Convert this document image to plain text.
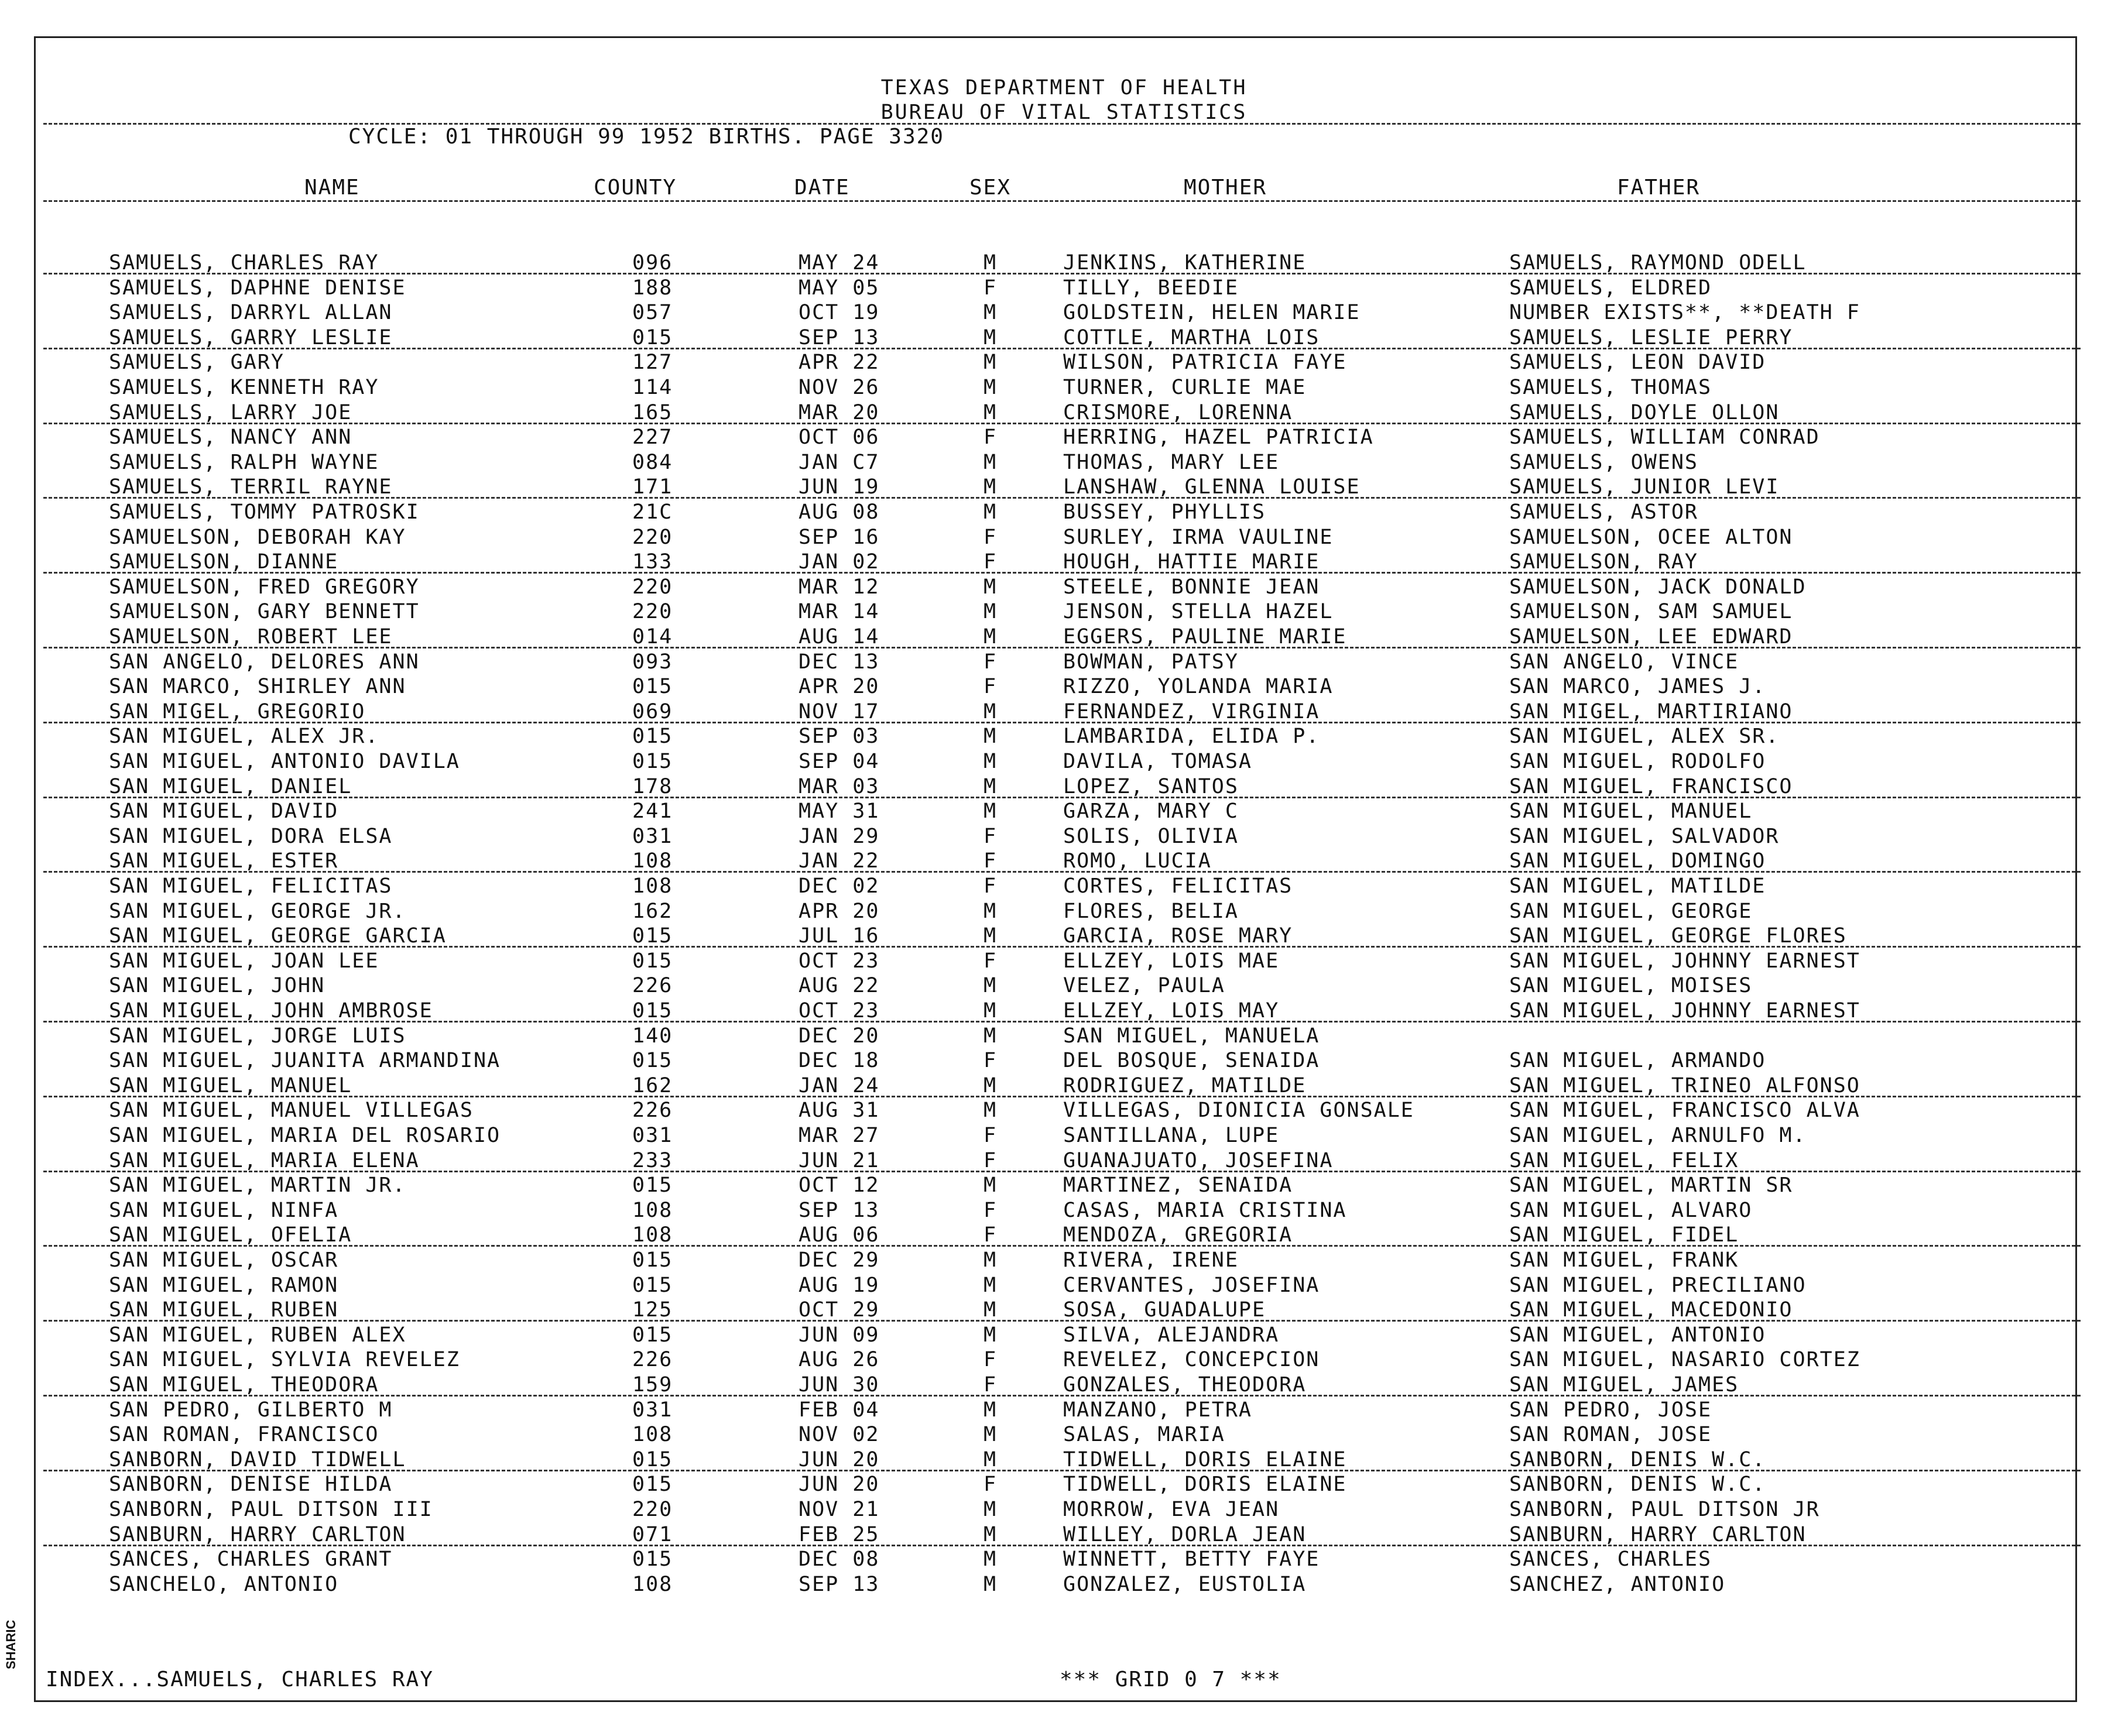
TEXAS DEPARTMENT OF HEALTH
BUREAU OF VITAL STATISTICS
CYCLE: 01 THROUGH 99 1952 BIRTHS. PAGE 3320
NAME	COUNTY	DATE	SEX	MOTHER	FATHER
SAMUELS, CHARLES RAY	096	MAY 24	M	JENKINS, KATHERINE	SAMUELS, RAYMOND ODELL
SAMUELS, DAPHNE DENISE	188	MAY 05	F	TILLY, BEEDIE	SAMUELS, ELDRED
SAMUELS, DARRYL ALLAN	057	OCT 19	M	GOLDSTEIN, HELEN MARIE	NUMBER EXISTS**, **DEATH F
SAMUELS, GARRY LESLIE	015	SEP 13	M	COTTLE, MARTHA LOIS	SAMUELS, LESLIE PERRY
SAMUELS, GARY	127	APR 22	M	WILSON, PATRICIA FAYE	SAMUELS, LEON DAVID
SAMUELS, KENNETH RAY	114	NOV 26	M	TURNER, CURLIE MAE	SAMUELS, THOMAS
SAMUELS, LARRY JOE	165	MAR 20	M	CRISMORE, LORENNA	SAMUELS, DOYLE OLLON
SAMUELS, NANCY ANN	227	OCT 06	F	HERRING, HAZEL PATRICIA	SAMUELS, WILLIAM CONRAD
SAMUELS, RALPH WAYNE	084	JAN C7	M	THOMAS, MARY LEE	SAMUELS, OWENS
SAMUELS, TERRIL RAYNE	171	JUN 19	M	LANSHAW, GLENNA LOUISE	SAMUELS, JUNIOR LEVI
SAMUELS, TOMMY PATROSKI	21C	AUG 08	M	BUSSEY, PHYLLIS	SAMUELS, ASTOR
SAMUELSON, DEBORAH KAY	220	SEP 16	F	SURLEY, IRMA VAULINE	SAMUELSON, OCEE ALTON
SAMUELSON, DIANNE	133	JAN 02	F	HOUGH, HATTIE MARIE	SAMUELSON, RAY
SAMUELSON, FRED GREGORY	220	MAR 12	M	STEELE, BONNIE JEAN	SAMUELSON, JACK DONALD
SAMUELSON, GARY BENNETT	220	MAR 14	M	JENSON, STELLA HAZEL	SAMUELSON, SAM SAMUEL
SAMUELSON, ROBERT LEE	014	AUG 14	M	EGGERS, PAULINE MARIE	SAMUELSON, LEE EDWARD
SAN ANGELO, DELORES ANN	093	DEC 13	F	BOWMAN, PATSY	SAN ANGELO, VINCE
SAN MARCO, SHIRLEY ANN	015	APR 20	F	RIZZO, YOLANDA MARIA	SAN MARCO, JAMES J.
SAN MIGEL, GREGORIO	069	NOV 17	M	FERNANDEZ, VIRGINIA	SAN MIGEL, MARTIRIANO
SAN MIGUEL, ALEX JR.	015	SEP 03	M	LAMBARIDA, ELIDA P.	SAN MIGUEL, ALEX SR.
SAN MIGUEL, ANTONIO DAVILA	015	SEP 04	M	DAVILA, TOMASA	SAN MIGUEL, RODOLFO
SAN MIGUEL, DANIEL	178	MAR 03	M	LOPEZ, SANTOS	SAN MIGUEL, FRANCISCO
SAN MIGUEL, DAVID	241	MAY 31	M	GARZA, MARY C	SAN MIGUEL, MANUEL
SAN MIGUEL, DORA ELSA	031	JAN 29	F	SOLIS, OLIVIA	SAN MIGUEL, SALVADOR
SAN MIGUEL, ESTER	108	JAN 22	F	ROMO, LUCIA	SAN MIGUEL, DOMINGO
SAN MIGUEL, FELICITAS	108	DEC 02	F	CORTES, FELICITAS	SAN MIGUEL, MATILDE
SAN MIGUEL, GEORGE JR.	162	APR 20	M	FLORES, BELIA	SAN MIGUEL, GEORGE
SAN MIGUEL, GEORGE GARCIA	015	JUL 16	M	GARCIA, ROSE MARY	SAN MIGUEL, GEORGE FLORES
SAN MIGUEL, JOAN LEE	015	OCT 23	F	ELLZEY, LOIS MAE	SAN MIGUEL, JOHNNY EARNEST
SAN MIGUEL, JOHN	226	AUG 22	M	VELEZ, PAULA	SAN MIGUEL, MOISES
SAN MIGUEL, JOHN AMBROSE	015	OCT 23	M	ELLZEY, LOIS MAY	SAN MIGUEL, JOHNNY EARNEST
SAN MIGUEL, JORGE LUIS	140	DEC 20	M	SAN MIGUEL, MANUELA
SAN MIGUEL, JUANITA ARMANDINA	015	DEC 18	F	DEL BOSQUE, SENAIDA	SAN MIGUEL, ARMANDO
SAN MIGUEL, MANUEL	162	JAN 24	M	RODRIGUEZ, MATILDE	SAN MIGUEL, TRINEO ALFONSO
SAN MIGUEL, MANUEL VILLEGAS	226	AUG 31	M	VILLEGAS, DIONICIA GONSALE	SAN MIGUEL, FRANCISCO ALVA
SAN MIGUEL, MARIA DEL ROSARIO	031	MAR 27	F	SANTILLANA, LUPE	SAN MIGUEL, ARNULFO M.
SAN MIGUEL, MARIA ELENA	233	JUN 21	F	GUANAJUATO, JOSEFINA	SAN MIGUEL, FELIX
SAN MIGUEL, MARTIN JR.	015	OCT 12	M	MARTINEZ, SENAIDA	SAN MIGUEL, MARTIN SR
SAN MIGUEL, NINFA	108	SEP 13	F	CASAS, MARIA CRISTINA	SAN MIGUEL, ALVARO
SAN MIGUEL, OFELIA	108	AUG 06	F	MENDOZA, GREGORIA	SAN MIGUEL, FIDEL
SAN MIGUEL, OSCAR	015	DEC 29	M	RIVERA, IRENE	SAN MIGUEL, FRANK
SAN MIGUEL, RAMON	015	AUG 19	M	CERVANTES, JOSEFINA	SAN MIGUEL, PRECILIANO
SAN MIGUEL, RUBEN	125	OCT 29	M	SOSA, GUADALUPE	SAN MIGUEL, MACEDONIO
SAN MIGUEL, RUBEN ALEX	015	JUN 09	M	SILVA, ALEJANDRA	SAN MIGUEL, ANTONIO
SAN MIGUEL, SYLVIA REVELEZ	226	AUG 26	F	REVELEZ, CONCEPCION	SAN MIGUEL, NASARIO CORTEZ
SAN MIGUEL, THEODORA	159	JUN 30	F	GONZALES, THEODORA	SAN MIGUEL, JAMES
SAN PEDRO, GILBERTO M	031	FEB 04	M	MANZANO, PETRA	SAN PEDRO, JOSE
SAN ROMAN, FRANCISCO	108	NOV 02	M	SALAS, MARIA	SAN ROMAN, JOSE
SANBORN, DAVID TIDWELL	015	JUN 20	M	TIDWELL, DORIS ELAINE	SANBORN, DENIS W.C.
SANBORN, DENISE HILDA	015	JUN 20	F	TIDWELL, DORIS ELAINE	SANBORN, DENIS W.C.
SANBORN, PAUL DITSON III	220	NOV 21	M	MORROW, EVA JEAN	SANBORN, PAUL DITSON JR
SANBURN, HARRY CARLTON	071	FEB 25	M	WILLEY, DORLA JEAN	SANBURN, HARRY CARLTON
SANCES, CHARLES GRANT	015	DEC 08	M	WINNETT, BETTY FAYE	SANCES, CHARLES
SANCHELO, ANTONIO	108	SEP 13	M	GONZALEZ, EUSTOLIA	SANCHEZ, ANTONIO
INDEX...SAMUELS, CHARLES RAY	*** GRID 0 7 ***
SHARIC
